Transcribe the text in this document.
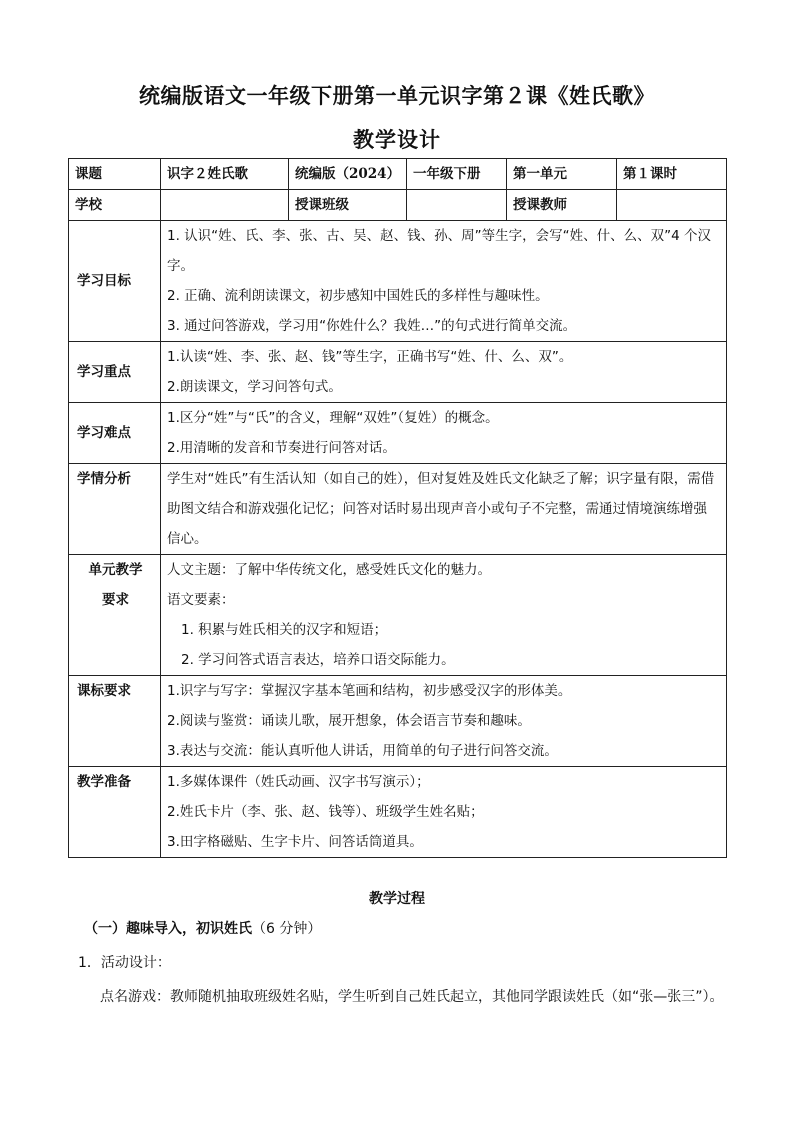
统编版语文一年级下册第一单元识字第２课《姓氏歌》
教学设计
课题	识字２姓氏歌	统编版（2024）	一年级下册	第一单元	第１课时
学校		授课班级		授课教师	
学习目标	1. 认识“姓、氏、李、张、古、吴、赵、钱、孙、周”等生字，会写“姓、什、么、双”4 个汉字。
2. 正确、流利朗读课文，初步感知中国姓氏的多样性与趣味性。
3. 通过问答游戏，学习用“你姓什么？我姓…”的句式进行简单交流。				

学习重点	1.认读“姓、李、张、赵、钱”等生字，正确书写“姓、什、么、双”。
2.朗读课文，学习问答句式。				

学习难点	1.区分“姓”与“氏”的含义，理解“双姓”（复姓）的概念。
2.用清晰的发音和节奏进行问答对话。				

学情分析	学生对“姓氏”有生活认知（如自己的姓），但对复姓及姓氏文化缺乏了解；识字量有限，需借助图文结合和游戏强化记忆；问答对话时易出现声音小或句子不完整，需通过情境演练增强信心。				

单元教学
要求	人文主题：了解中华传统文化，感受姓氏文化的魅力。
语文要素：
1. 积累与姓氏相关的汉字和短语；
2. 学习问答式语言表达，培养口语交际能力。				

课标要求	1.识字与写字：掌握汉字基本笔画和结构，初步感受汉字的形体美。
2.阅读与鉴赏：诵读儿歌，展开想象，体会语言节奏和趣味。
3.表达与交流：能认真听他人讲话，用简单的句子进行问答交流。				

教学准备	1.多媒体课件（姓氏动画、汉字书写演示）；
2.姓氏卡片（李、张、赵、钱等）、班级学生姓名贴；
3.田字格磁贴、生字卡片、问答话筒道具。				
教学过程
（一）趣味导入，初识姓氏（6 分钟）
1．活动设计：
点名游戏：教师随机抽取班级姓名贴，学生听到自己姓氏起立，其他同学跟读姓氏（如“张—张三”）。
